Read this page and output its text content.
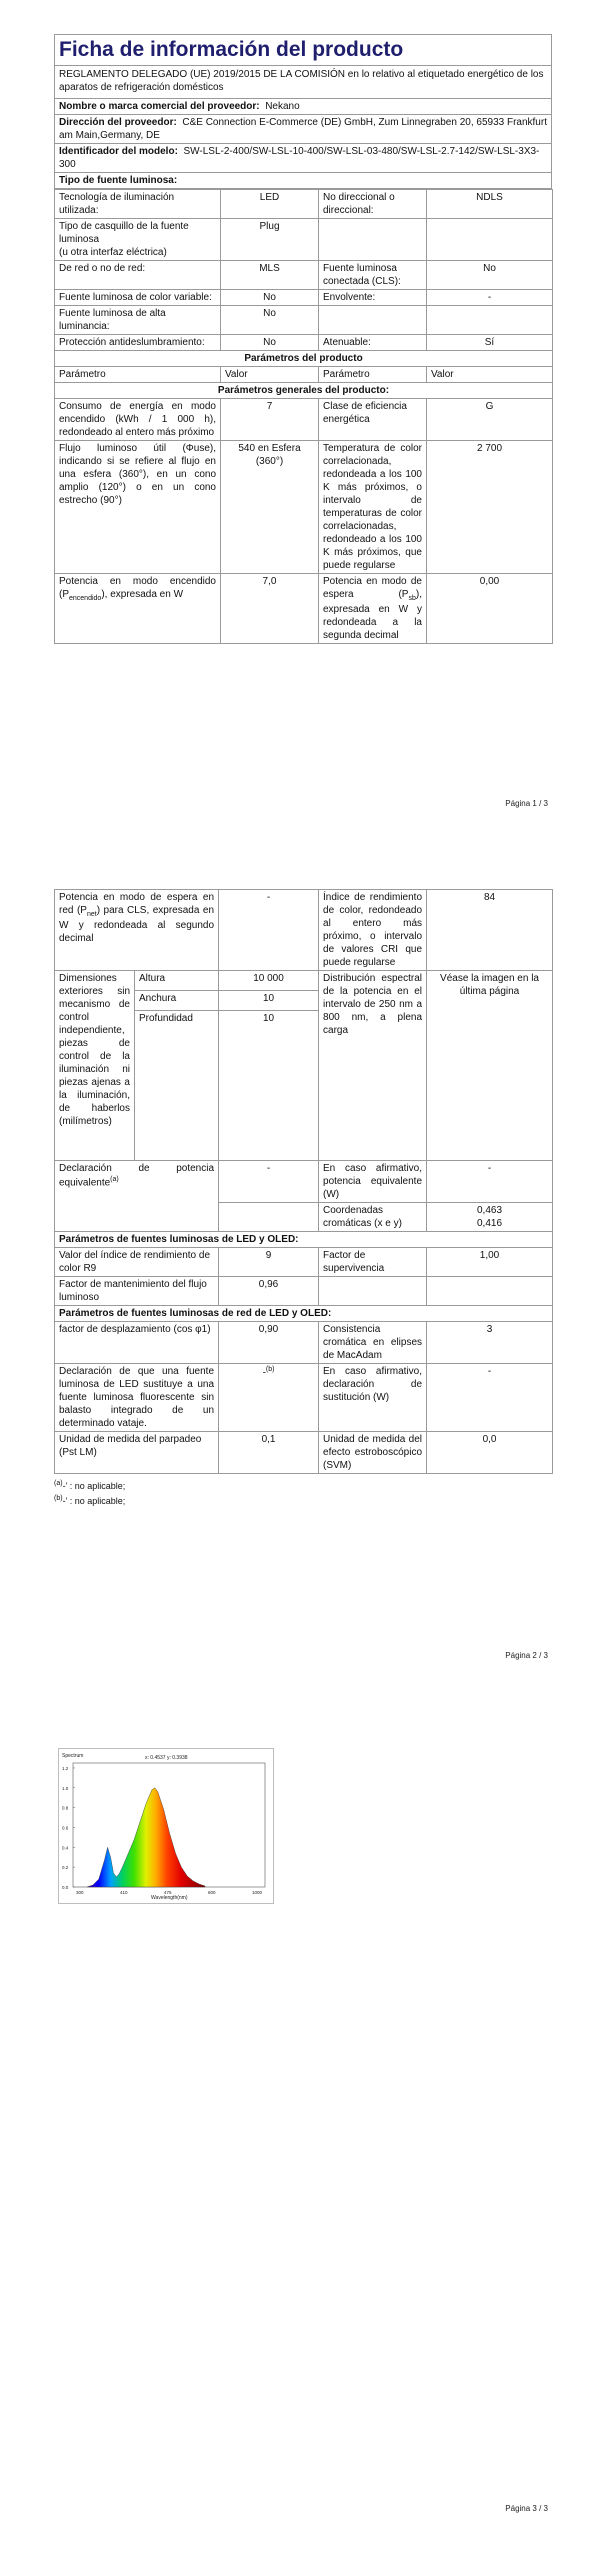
Ficha de información del producto

REGLAMENTO DELEGADO (UE) 2019/2015 DE LA COMISIÓN en lo relativo al etiquetado energético de los aparatos de refrigeración domésticos
Nombre o marca comercial del proveedor: Nekano
Dirección del proveedor: C&E Connection E-Commerce (DE) GmbH, Zum Linnegraben 20, 65933 Frankfurt am Main,Germany, DE
Identificador del modelo: SW-LSL-2-400/SW-LSL-10-400/SW-LSL-03-480/SW-LSL-2.7-142/SW-LSL-3X3-300
Tipo de fuente luminosa:
Tecnología de iluminación utilizada:	LED	No direccional o direccional:	NDLS

Tipo de casquillo de la fuente luminosa
(u otra interfaz eléctrica)	Plug		
De red o no de red:	MLS	Fuente luminosa conectada (CLS):	No
Fuente luminosa de color variable:	No	Envolvente:	-
Fuente luminosa de alta luminancia:	No		
Protección antideslumbramiento:	No	Atenuable:	Sí
Parámetros del producto			
Parámetro	Valor	Parámetro	Valor
Parámetros generales del producto:			
Consumo de energía en modo encendido (kWh / 1 000 h), redondeado al entero más próximo	7	Clase de eficiencia energética	G
Flujo luminoso útil (Φuse), indicando si se refiere al flujo en una esfera (360°), en un cono amplio (120°) o en un cono estrecho (90°)	540 en Esfera (360°)	Temperatura de color correlacionada, redondeada a los 100 K más próximos, o intervalo de temperaturas de color correlacionadas, redondeado a los 100 K más próximos, que puede regularse	2 700
Potencia en modo encendido $(P_{encendido})$, expresada en W	7,0	Potencia en modo de espera $(P_{sb})$, expresada en W y redondeada a la segunda decimal	0,00
Página 1 / 3
Potencia en modo de espera en red $(P_{net})$ para CLS, expresada en W y redondeada al segundo decimal		-	Índice de rendimiento de color, redondeado al entero más próximo, o intervalo de valores CRI que puede regularse	84
Dimensiones exteriores sin mecanismo de control independiente, piezas de control de la iluminación ni piezas ajenas a la iluminación, de haberlos (milímetros)	Altura	10 000	Distribución espectral de la potencia en el intervalo de 250 nm a 800 nm, a plena carga	Véase la imagen en la última página
	Anchura	10		
	Profundidad	10		
Declaración de potencia equivalente$^{(a)}$		-	En caso afirmativo, potencia equivalente (W)	-
			Coordenadas cromáticas (x e y)	0,463
0,416

Parámetros de fuentes luminosas de LED y OLED:				
Valor del índice de rendimiento de color R9		9	Factor de supervivencia	1,00
Factor de mantenimiento del flujo luminoso		0,96		
Parámetros de fuentes luminosas de red de LED y OLED:				
factor de desplazamiento (cos φ1)		0,90	Consistencia cromática en elipses de MacAdam	3
Declaración de que una fuente luminosa de LED sustituye a una fuente luminosa fluorescente sin balasto integrado de un determinado vataje.		-$^{(b)}$	En caso afirmativo, declaración de sustitución (W)	-
Unidad de medida del parpadeo (Pst LM)		0,1	Unidad de medida del efecto estroboscópico (SVM)	0,0
$^{(a)}$-’ : no aplicable;
$^{(b)}$-’ : no aplicable;
Página 2 / 3
Página 3 / 3
0.0
0.2
0.4
0.6
0.8
1.0
1.2
300	410	475	600	1000
Spectrum	x: 0.4537 y: 0.3938
Wavelength(nm)
